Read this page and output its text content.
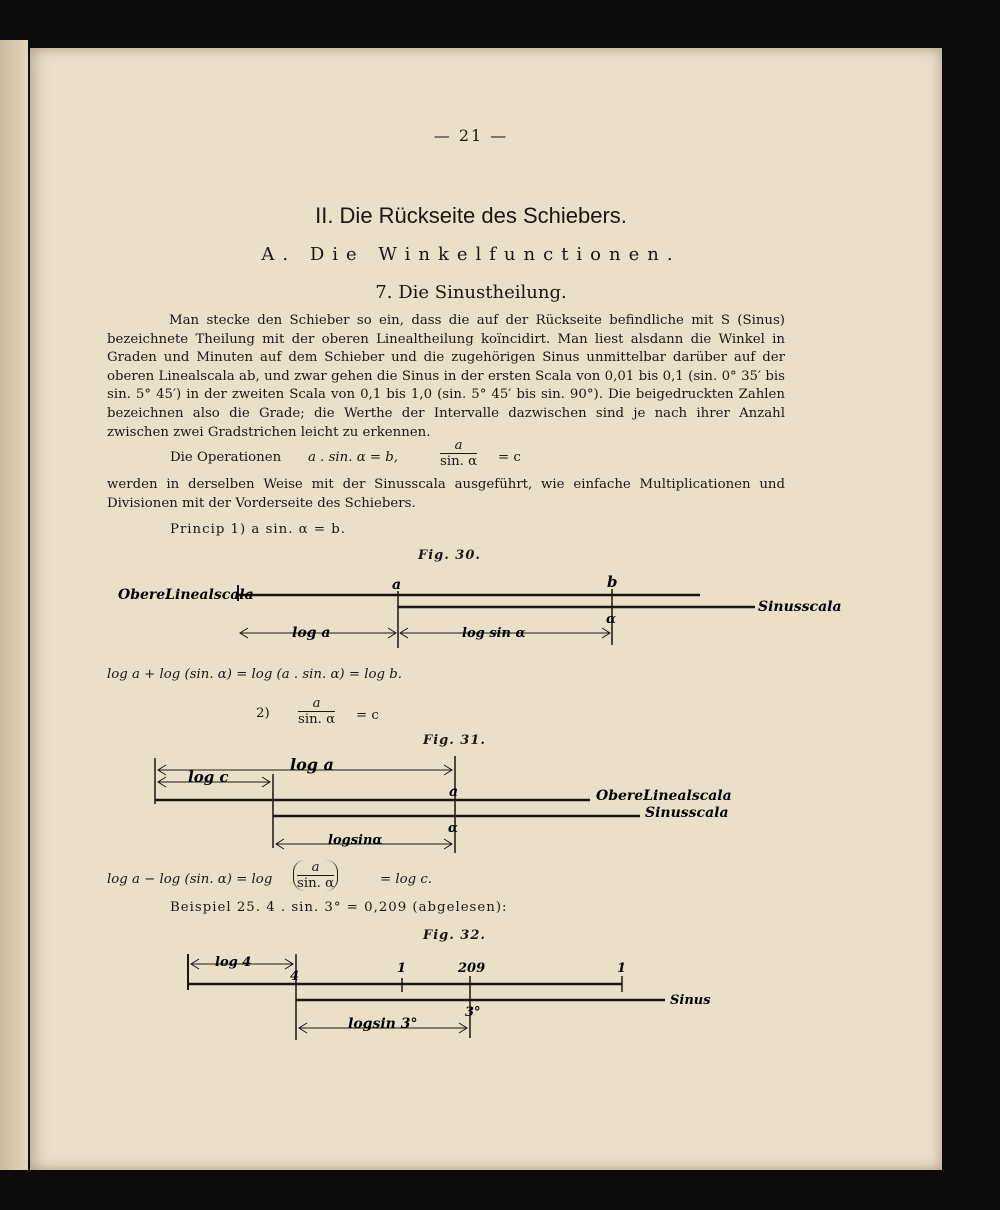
— 21 —
II. Die Rückseite des Schiebers.
A. Die Winkelfunctionen.
7. Die Sinustheilung.
Man stecke den Schieber so ein, dass die auf der Rückseite befindliche mit S (Sinus) bezeichnete Theilung mit der oberen Linealtheilung koïncidirt. Man liest alsdann die Winkel in Graden und Minuten auf dem Schieber und die zugehörigen Sinus unmittelbar darüber auf der oberen Linealscala ab, und zwar gehen die Sinus in der ersten Scala von 0,01 bis 0,1 (sin. 0° 35′ bis sin. 5° 45′) in der zweiten Scala von 0,1 bis 1,0 (sin. 5° 45′ bis sin. 90°). Die beigedruckten Zahlen bezeichnen also die Grade; die Werthe der Intervalle dazwischen sind je nach ihrer Anzahl zwischen zwei Gradstrichen leicht zu erkennen.
Die Operationen a . sin. α = b,	$\frac{a}{\sin. \alpha} = c$
werden in derselben Weise mit der Sinusscala ausgeführt, wie einfache Multiplicationen und Divisionen mit der Vorderseite des Schiebers.
Princip 1) a sin. α = b.
Fig. 30.
ObereLinealscala
Sinusscala
a	b
α
log a	log sin α
log a + log (sin. α) = log (a . sin. α) = log b.
$2) \frac{a}{\sin. \alpha} = c$
Fig. 31.
log a
log c
a
α
logsinα
ObereLinealscala
Sinusscala
log a − log (sin. $\alpha) = \log \frac{a}{\sin. \alpha}$	= log c.
Beispiel 25. 4 . sin. 3° = 0,209 (abgelesen):
Fig. 32.
log 4
4
1	209	1
3°
logsin 3°
Sinus
